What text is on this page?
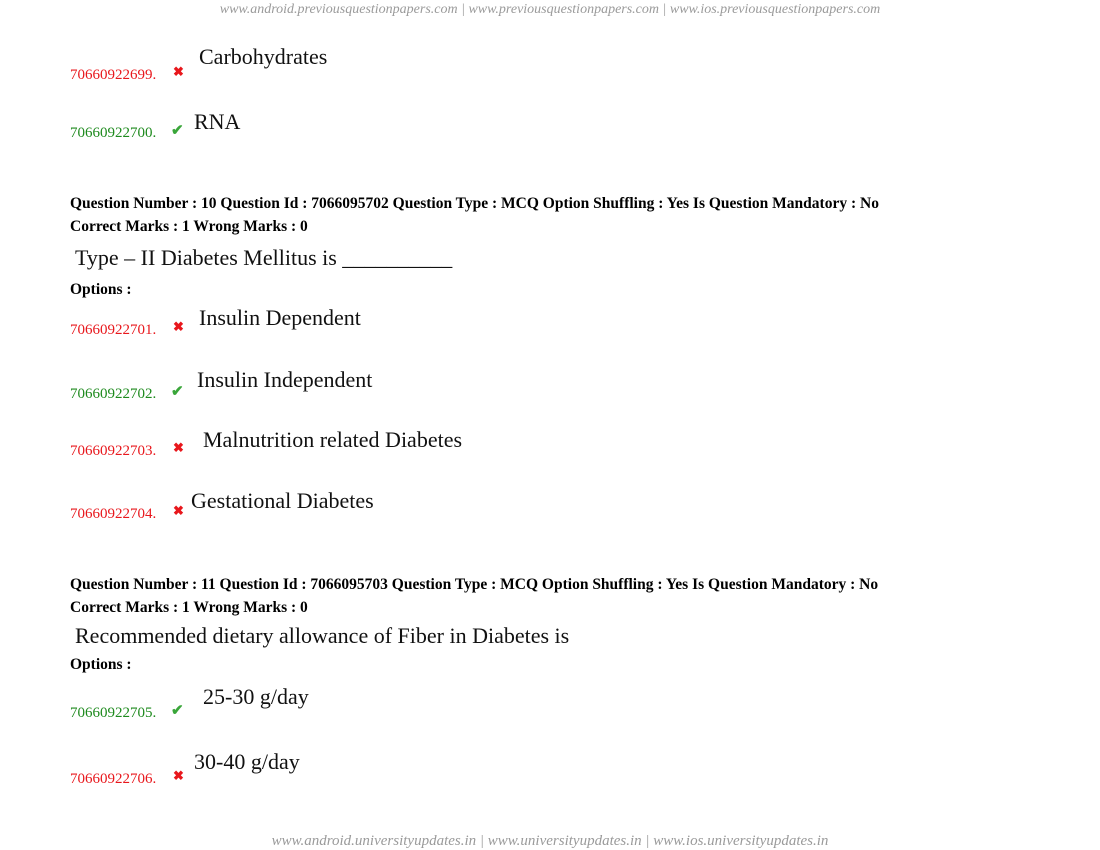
www.android.previousquestionpapers.com | www.previousquestionpapers.com | www.ios.previousquestionpapers.com
70660922699. ✖
Carbohydrates
70660922700. ✔ RNA
Question Number : 10 Question Id : 7066095702 Question Type : MCQ Option Shuffling : Yes Is Question Mandatory : No
Correct Marks : 1 Wrong Marks : 0
Type – II Diabetes Mellitus is __________
Options :
70660922701. ✖ Insulin Dependent
70660922702. ✔ Insulin Independent
70660922703. ✖ Malnutrition related Diabetes
70660922704. ✖ Gestational Diabetes
Question Number : 11 Question Id : 7066095703 Question Type : MCQ Option Shuffling : Yes Is Question Mandatory : No
Correct Marks : 1 Wrong Marks : 0
Recommended dietary allowance of Fiber in Diabetes is
Options :
70660922705. ✔
25-30 g/day
70660922706. ✖
30-40 g/day
www.android.universityupdates.in | www.universityupdates.in | www.ios.universityupdates.in
